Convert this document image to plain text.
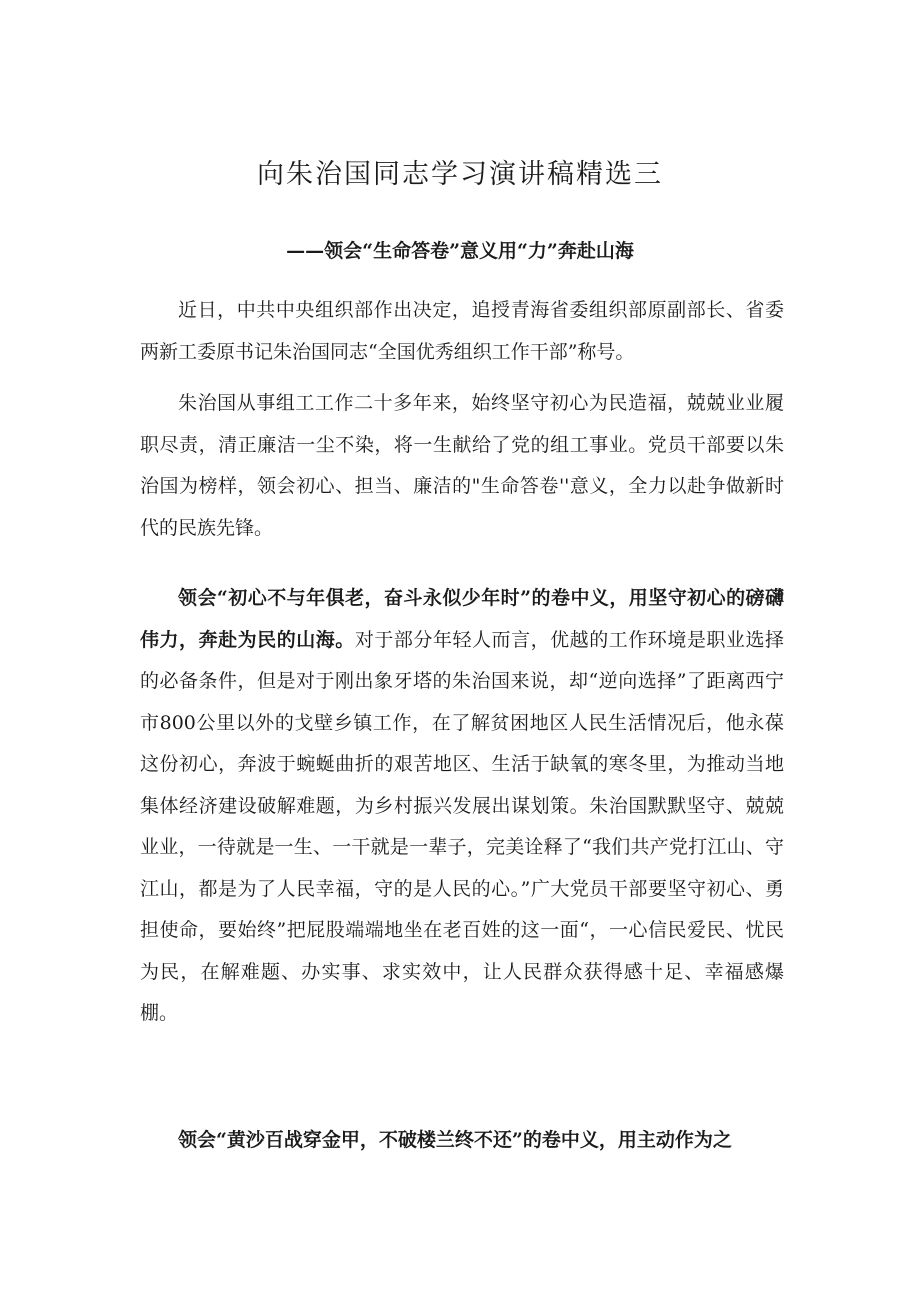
向朱治国同志学习演讲稿精选三
——领会“生命答卷”意义用“力”奔赴山海

近日，中共中央组织部作出决定，追授青海省委组织部原副部长、省委两新工委原书记朱治国同志“全国优秀组织工作干部”称号。

朱治国从事组工工作二十多年来，始终坚守初心为民造福，兢兢业业履职尽责，清正廉洁一尘不染，将一生献给了党的组工事业。党员干部要以朱治国为榜样，领会初心、担当、廉洁的"生命答卷''意义，全力以赴争做新时代的民族先锋。

领会“初心不与年俱老，奋斗永似少年时”的卷中义，用坚守初心的磅礴伟力，奔赴为民的山海。对于部分年轻人而言，优越的工作环境是职业选择的必备条件，但是对于刚出象牙塔的朱治国来说，却“逆向选择”了距离西宁市800公里以外的戈壁乡镇工作，在了解贫困地区人民生活情况后，他永葆这份初心，奔波于蜿蜒曲折的艰苦地区、生活于缺氧的寒冬里，为推动当地集体经济建设破解难题，为乡村振兴发展出谋划策。朱治国默默坚守、兢兢业业，一待就是一生、一干就是一辈子，完美诠释了“我们共产党打江山、守江山，都是为了人民幸福，守的是人民的心。”广大党员干部要坚守初心、勇担使命，要始终”把屁股端端地坐在老百姓的这一面“，一心信民爱民、忧民为民，在解难题、办实事、求实效中，让人民群众获得感十足、幸福感爆棚。

领会“黄沙百战穿金甲，不破楼兰终不还”的卷中义，用主动作为之
